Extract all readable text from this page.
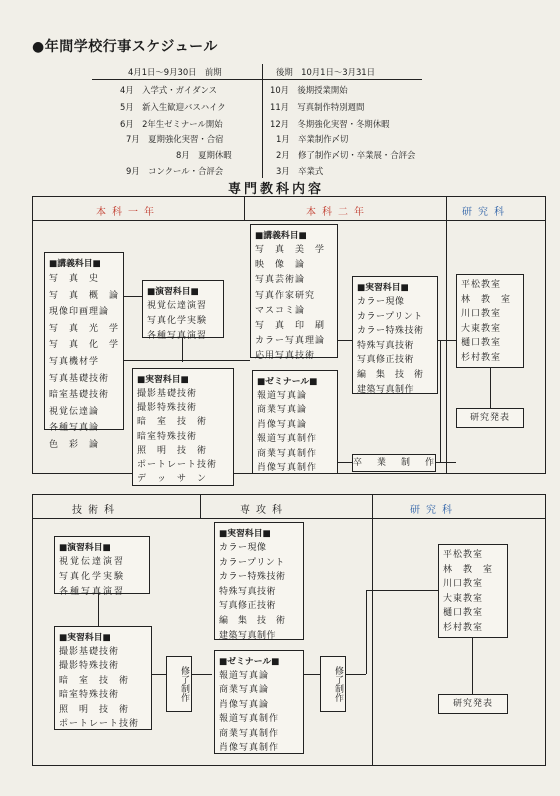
●年間学校行事スケジュール
4月1日～9月30日　前期	後期　10月1日～3月31日
4月　入学式・ガイダンス
5月　新入生歓迎バスハイク
6月　2年生ゼミナール開始
7月　夏期強化実習・合宿
8月　夏期休暇
9月　コンクール・合評会
10月　後期授業開始
11月　写真制作特別週間
12月　冬期強化実習・冬期休暇
1月　卒業制作〆切
2月　修了制作〆切・卒業展・合評会
3月　卒業式
専門教科内容
本科一年	本科二年	研究科
■講義科目■
写　真　史
写　真　概　論
現像印画理論
写　真　光　学
写　真　化　学
写真機材学
写真基礎技術
暗室基礎技術
視覚伝達論
各種写真論
色　彩　論
■演習科目■
視覚伝達演習
写真化学実験
各種写真演習
■実習科目■
撮影基礎技術
撮影特殊技術
暗　室　技　術
暗室特殊技術
照　明　技　術
ポートレート技術
デ　ッ　サ　ン
■講義科目■
写　真　美　学
映　像　論
写真芸術論
写真作家研究
マスコミ論
写　真　印　刷
カラー写真理論
応用写真技術
■実習科目■
カラー現像
カラープリント
カラー特殊技術
特殊写真技術
写真修正技術
編　集　技　術
建築写真制作
■ゼミナール■
報道写真論
商業写真論
肖像写真論
報道写真制作
商業写真制作
肖像写真制作
卒　業　制　作
平松教室
林　教　室
川口教室
大東教室
樋口教室
杉村教室
研究発表
技術科	専攻科	研究科
■演習科目■
視覚伝達演習
写真化学実験
各種写真演習
■実習科目■
撮影基礎技術
撮影特殊技術
暗　室　技　術
暗室特殊技術
照　明　技　術
ポートレート技術
修了制作
■実習科目■
カラー現像
カラープリント
カラー特殊技術
特殊写真技術
写真修正技術
編　集　技　術
建築写真制作
■ゼミナール■
報道写真論
商業写真論
肖像写真論
報道写真制作
商業写真制作
肖像写真制作
修了制作
平松教室
林　教　室
川口教室
大東教室
樋口教室
杉村教室
研究発表
